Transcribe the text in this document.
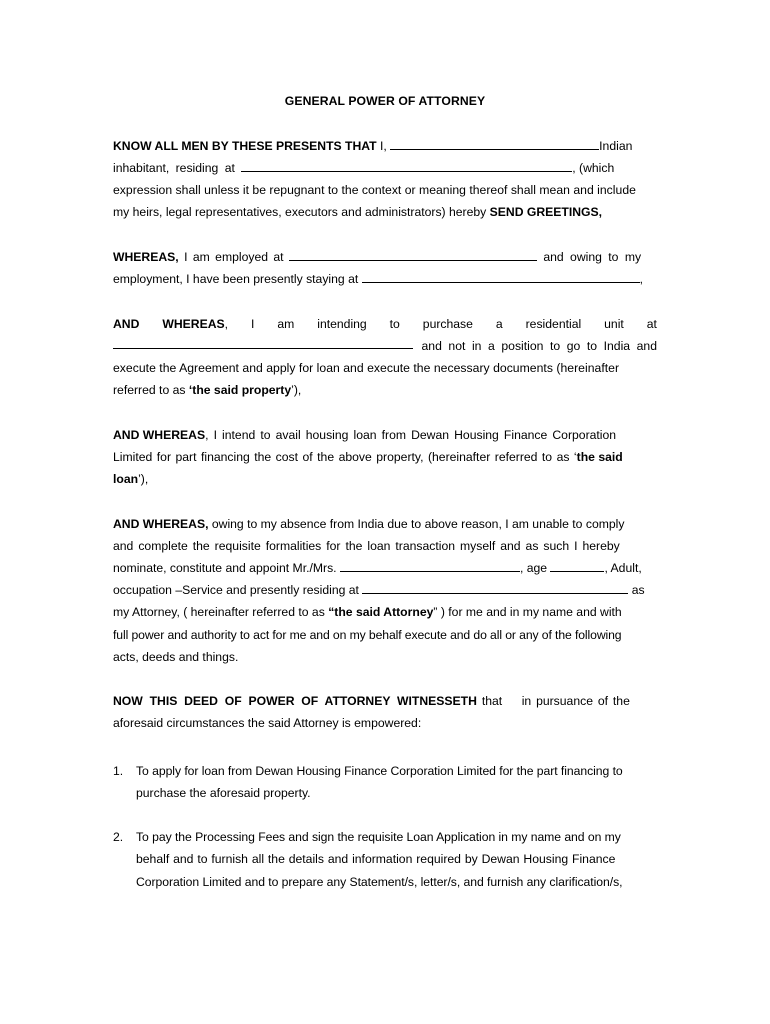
GENERAL POWER OF ATTORNEY
KNOW ALL MEN BY THESE PRESENTS THAT I,	Indian
inhabitant, residing at	, (which
expression shall unless it be repugnant to the context or meaning thereof shall mean and include
my heirs, legal representatives, executors and administrators) hereby SEND GREETINGS,
WHEREAS, I am employed at	and owing to my
employment, I have been presently staying at	,
AND WHEREAS, I am intending to purchase a residential unit at
and not in a position to go to India and
execute the Agreement and apply for loan and execute the necessary documents (hereinafter
referred to as ‘the said property’),
AND WHEREAS, I intend to avail housing loan from Dewan Housing Finance Corporation
Limited for part financing the cost of the above property, (hereinafter referred to as ‘the said
loan’),
AND WHEREAS, owing to my absence from India due to above reason, I am unable to comply
and complete the requisite formalities for the loan transaction myself and as such I hereby
nominate, constitute and appoint Mr./Mrs.	, age	, Adult,
occupation –Service and presently residing at	as
my Attorney, ( hereinafter referred to as “the said Attorney” ) for me and in my name and with
full power and authority to act for me and on my behalf execute and do all or any of the following
acts, deeds and things.
NOW THIS DEED OF POWER OF ATTORNEY WITNESSETH that    in pursuance of the
aforesaid circumstances the said Attorney is empowered:
1. To apply for loan from Dewan Housing Finance Corporation Limited for the part financing to
purchase the aforesaid property.
2. To pay the Processing Fees and sign the requisite Loan Application in my name and on my
behalf and to furnish all the details and information required by Dewan Housing Finance
Corporation Limited and to prepare any Statement/s, letter/s, and furnish any clarification/s,
